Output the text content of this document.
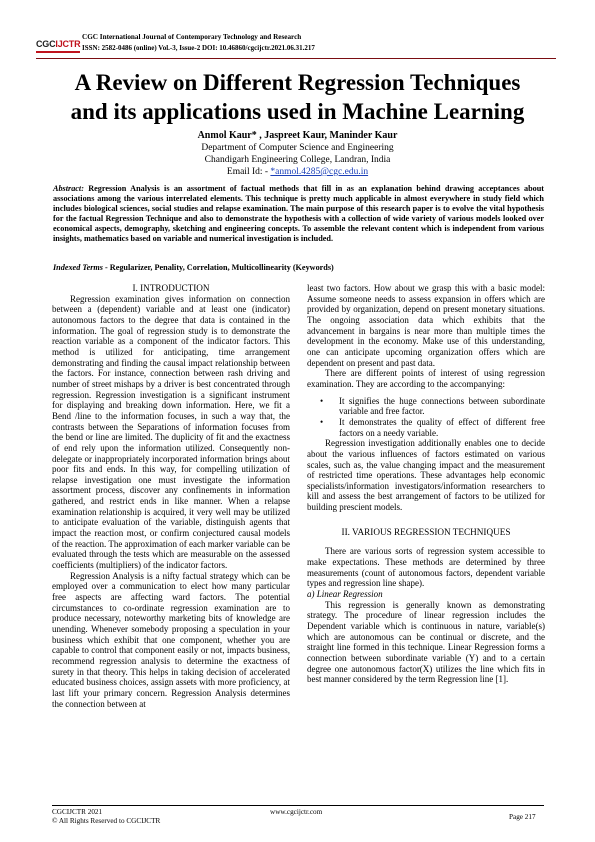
CGCIJCTR
CGC International Journal of Contemporary Technology and Research
ISSN: 2582-0486 (online) Vol.-3, Issue-2 DOI: 10.46860/cgcijctr.2021.06.31.217
A Review on Different Regression Techniques
and its applications used in Machine Learning
Anmol Kaur* , Jaspreet Kaur, Maninder Kaur
Department of Computer Science and Engineering
Chandigarh Engineering College, Landran, India
Email Id: - *anmol.4285@cgc.edu.in
Abstract: Regression Analysis is an assortment of factual methods that fill in as an explanation behind drawing acceptances about associations among the various interrelated elements. This technique is pretty much applicable in almost everywhere in study field which includes biological sciences, social studies and relapse examination. The main purpose of this research paper is to evolve the vital hypothesis for the factual Regression Technique and also to demonstrate the hypothesis with a collection of wide variety of various models looked over economical aspects, demography, sketching and engineering concepts. To assemble the relevant content which is independent from various insights, mathematics based on variable and numerical investigation is included.
Indexed Terms - Regularizer, Penality, Correlation, Multicollinearity (Keywords)

I. INTRODUCTION

Regression examination gives information on connection between a (dependent) variable and at least one (indicator) autonomous factors to the degree that data is contained in the information. The goal of regression study is to demonstrate the reaction variable as a component of the indicator factors. This method is utilized for anticipating, time arrangement demonstrating and finding the causal impact relationship between the factors. For instance, connection between rash driving and number of street mishaps by a driver is best concentrated through regression. Regression investigation is a significant instrument for displaying and breaking down information. Here, we fit a Bend /line to the information focuses, in such a way that, the contrasts between the Separations of information focuses from the bend or line are limited. The duplicity of fit and the exactness of end rely upon the information utilized. Consequently non-delegate or inappropriately incorporated information brings about poor fits and ends. In this way, for compelling utilization of relapse investigation one must investigate the information assortment process, discover any confinements in information gathered, and restrict ends in like manner. When a relapse examination relationship is acquired, it very well may be utilized to anticipate evaluation of the variable, distinguish agents that impact the reaction most, or confirm conjectured causal models of the reaction. The approximation of each marker variable can be evaluated through the tests which are measurable on the assessed coefficients (multipliers) of the indicator factors.

Regression Analysis is a nifty factual strategy which can be employed over a communication to elect how many particular free aspects are affecting ward factors. The potential circumstances to co-ordinate regression examination are to produce necessary, noteworthy marketing bits of knowledge are unending. Whenever somebody proposing a speculation in your business which exhibit that one component, whether you are capable to control that component easily or not, impacts business, recommend regression analysis to determine the exactness of surety in that theory. This helps in taking decision of accelerated educated business choices, assign assets with more proficiency, at last lift your primary concern. Regression Analysis determines the connection between at

least two factors. How about we grasp this with a basic model: Assume someone needs to assess expansion in offers which are provided by organization, depend on present monetary situations. The ongoing association data which exhibits that the advancement in bargains is near more than multiple times the development in the economy. Make use of this understanding, one can anticipate upcoming organization offers which are dependent on present and past data.

There are different points of interest of using regression examination. They are according to the accompanying:

• It signifies the huge connections between subordinate variable and free factor.

• It demonstrates the quality of effect of different free factors on a needy variable.

Regression investigation additionally enables one to decide about the various influences of factors estimated on various scales, such as, the value changing impact and the measurement of restricted time operations. These advantages help economic specialists/information investigators/information researchers to kill and assess the best arrangement of factors to be utilized for building prescient models.

II. VARIOUS REGRESSION TECHNIQUES

There are various sorts of regression system accessible to make expectations. These methods are determined by three measurements (count of autonomous factors, dependent variable types and regression line shape).

a) Linear Regression

This regression is generally known as demonstrating strategy. The procedure of linear regression includes the Dependent variable which is continuous in nature, variable(s) which are autonomous can be continual or discrete, and the straight line formed in this technique. Linear Regression forms a connection between subordinate variable (Y) and to a certain degree one autonomous factor(X) utilizes the line which fits in best manner considered by the term Regression line [1].

CGCIJCTR 2021
© All Rights Reserved to CGCIJCTR
www.cgcijctr.com
Page 217
